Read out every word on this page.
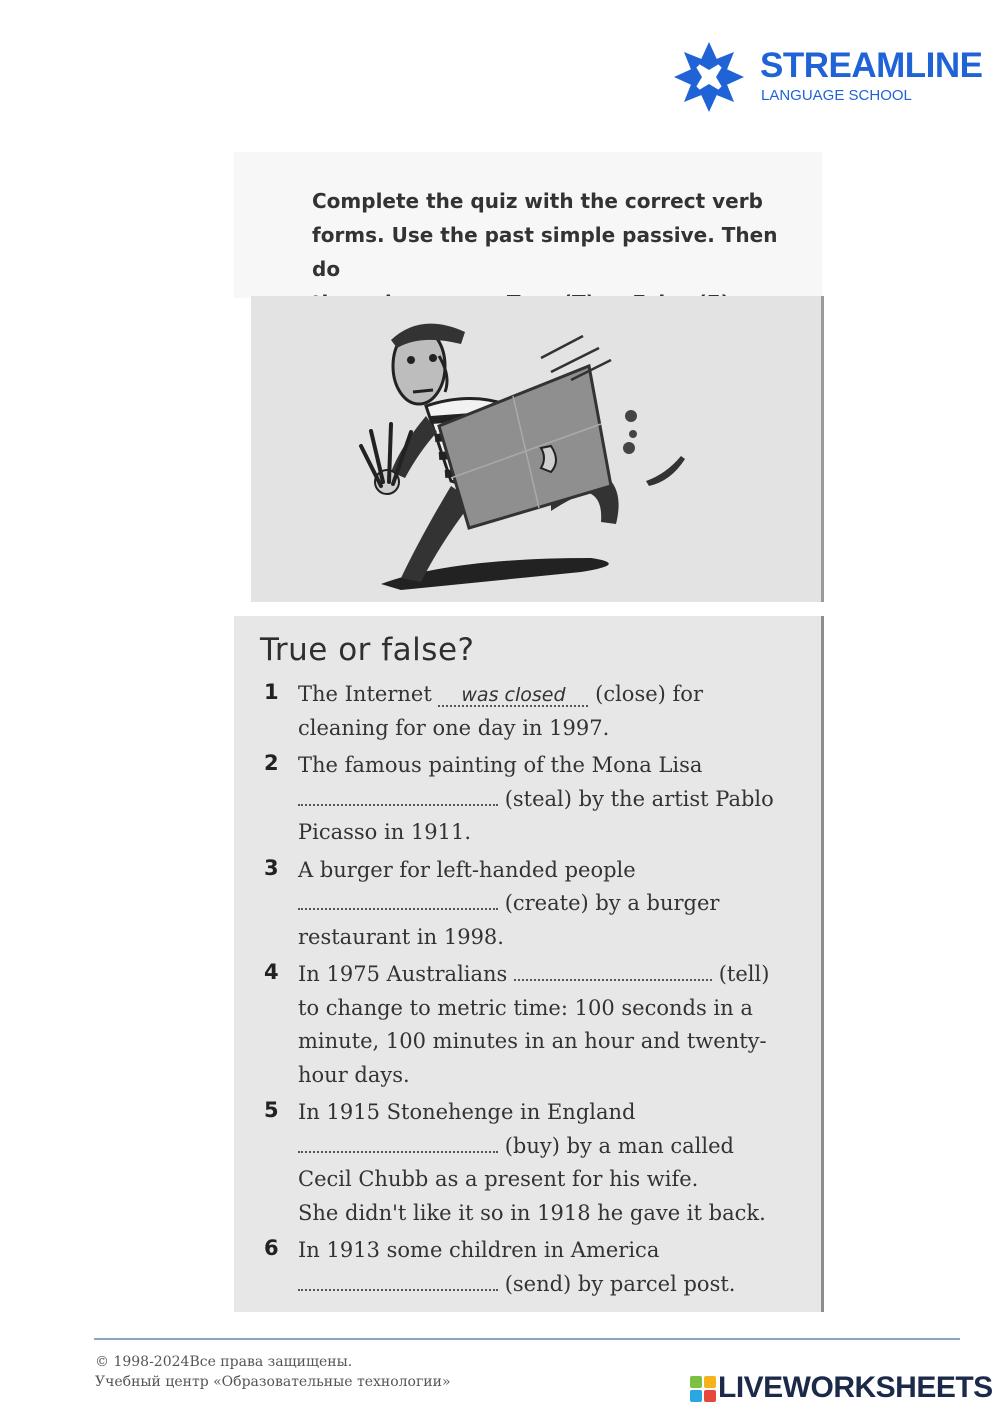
STREAMLINE
LANGUAGE SCHOOL
Complete the quiz with the correct verb
forms. Use the past simple passive. Then do
True or false?
1 The Internet was closed (close) for
cleaning for one day in 1997.
2 The famous painting of the Mona Lisa
(steal) by the artist Pablo
Picasso in 1911.
3 A burger for left-handed people
(create) by a burger
restaurant in 1998.
4 In 1975 Australians	(tell)
to change to metric time: 100 seconds in a
minute, 100 minutes in an hour and twenty-
hour days.
5 In 1915 Stonehenge in England
(buy) by a man called
Cecil Chubb as a present for his wife.
She didn't like it so in 1918 he gave it back.
6 In 1913 some children in America
(send) by parcel post.
© 1998-2024Все права защищены.
Учебный центр «Образовательные технологии»	LIVEWORKSHEETS
